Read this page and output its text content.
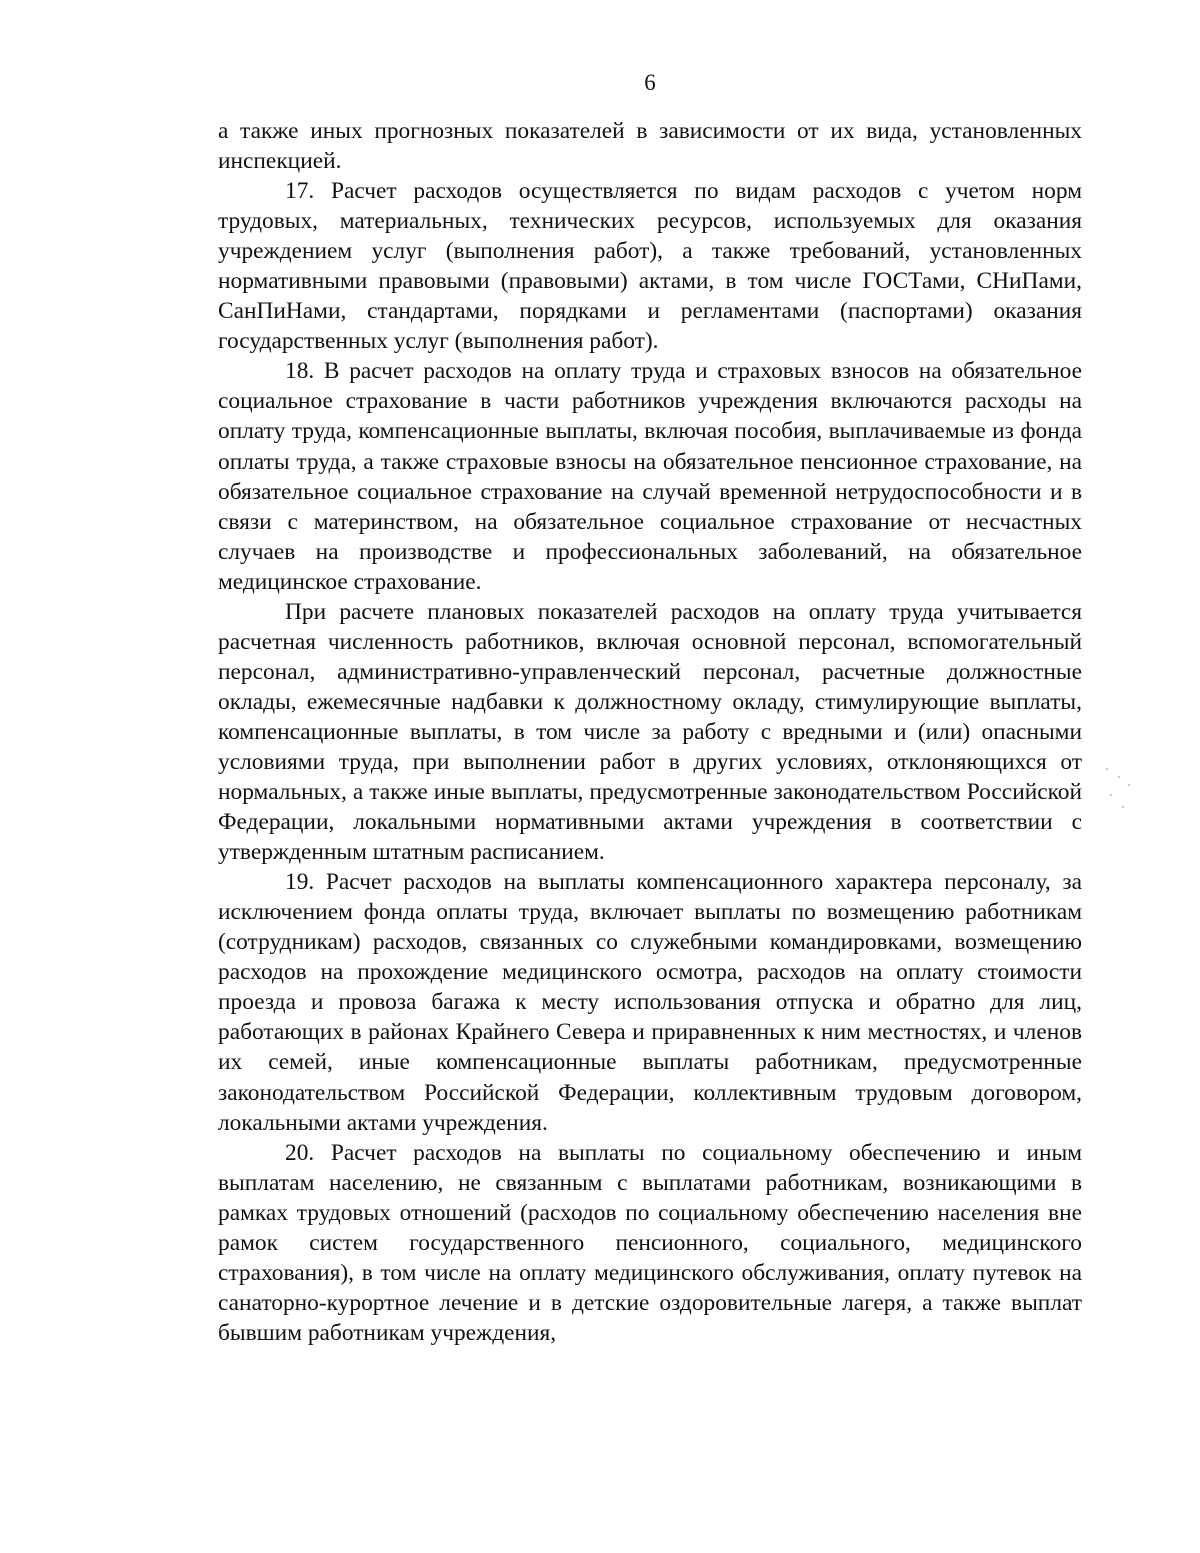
6

а также иных прогнозных показателей в зависимости от их вида, установленных инспекцией.

17. Расчет расходов осуществляется по видам расходов с учетом норм трудовых, материальных, технических ресурсов, используемых для оказания учреждением услуг (выполнения работ), а также требований, установленных нормативными правовыми (правовыми) актами, в том числе ГОСТами, СНиПами, СанПиНами, стандартами, порядками и регламентами (паспортами) оказания государственных услуг (выполнения работ).

18. В расчет расходов на оплату труда и страховых взносов на обязательное социальное страхование в части работников учреждения включаются расходы на оплату труда, компенсационные выплаты, включая пособия, выплачиваемые из фонда оплаты труда, а также страховые взносы на обязательное пенсионное страхование, на обязательное социальное страхование на случай временной нетрудоспособности и в связи с материнством, на обязательное социальное страхование от несчастных случаев на производстве и профессиональных заболеваний, на обязательное медицинское страхование.

При расчете плановых показателей расходов на оплату труда учитывается расчетная численность работников, включая основной персонал, вспомогательный персонал, административно-управленческий персонал, расчетные должностные оклады, ежемесячные надбавки к должностному окладу, стимулирующие выплаты, компенсационные выплаты, в том числе за работу с вредными и (или) опасными условиями труда, при выполнении работ в других условиях, отклоняющихся от нормальных, а также иные выплаты, предусмотренные законодательством Российской Федерации, локальными нормативными актами учреждения в соответствии с утвержденным штатным расписанием.

19. Расчет расходов на выплаты компенсационного характера персоналу, за исключением фонда оплаты труда, включает выплаты по возмещению работникам (сотрудникам) расходов, связанных со служебными командировками, возмещению расходов на прохождение медицинского осмотра, расходов на оплату стоимости проезда и провоза багажа к месту использования отпуска и обратно для лиц, работающих в районах Крайнего Севера и приравненных к ним местностях, и членов их семей, иные компенсационные выплаты работникам, предусмотренные законодательством Российской Федерации, коллективным трудовым договором, локальными актами учреждения.

20. Расчет расходов на выплаты по социальному обеспечению и иным выплатам населению, не связанным с выплатами работникам, возникающими в рамках трудовых отношений (расходов по социальному обеспечению населения вне рамок систем государственного пенсионного, социального, медицинского страхования), в том числе на оплату медицинского обслуживания, оплату путевок на санаторно-курортное лечение и в детские оздоровительные лагеря, а также выплат бывшим работникам учреждения,
